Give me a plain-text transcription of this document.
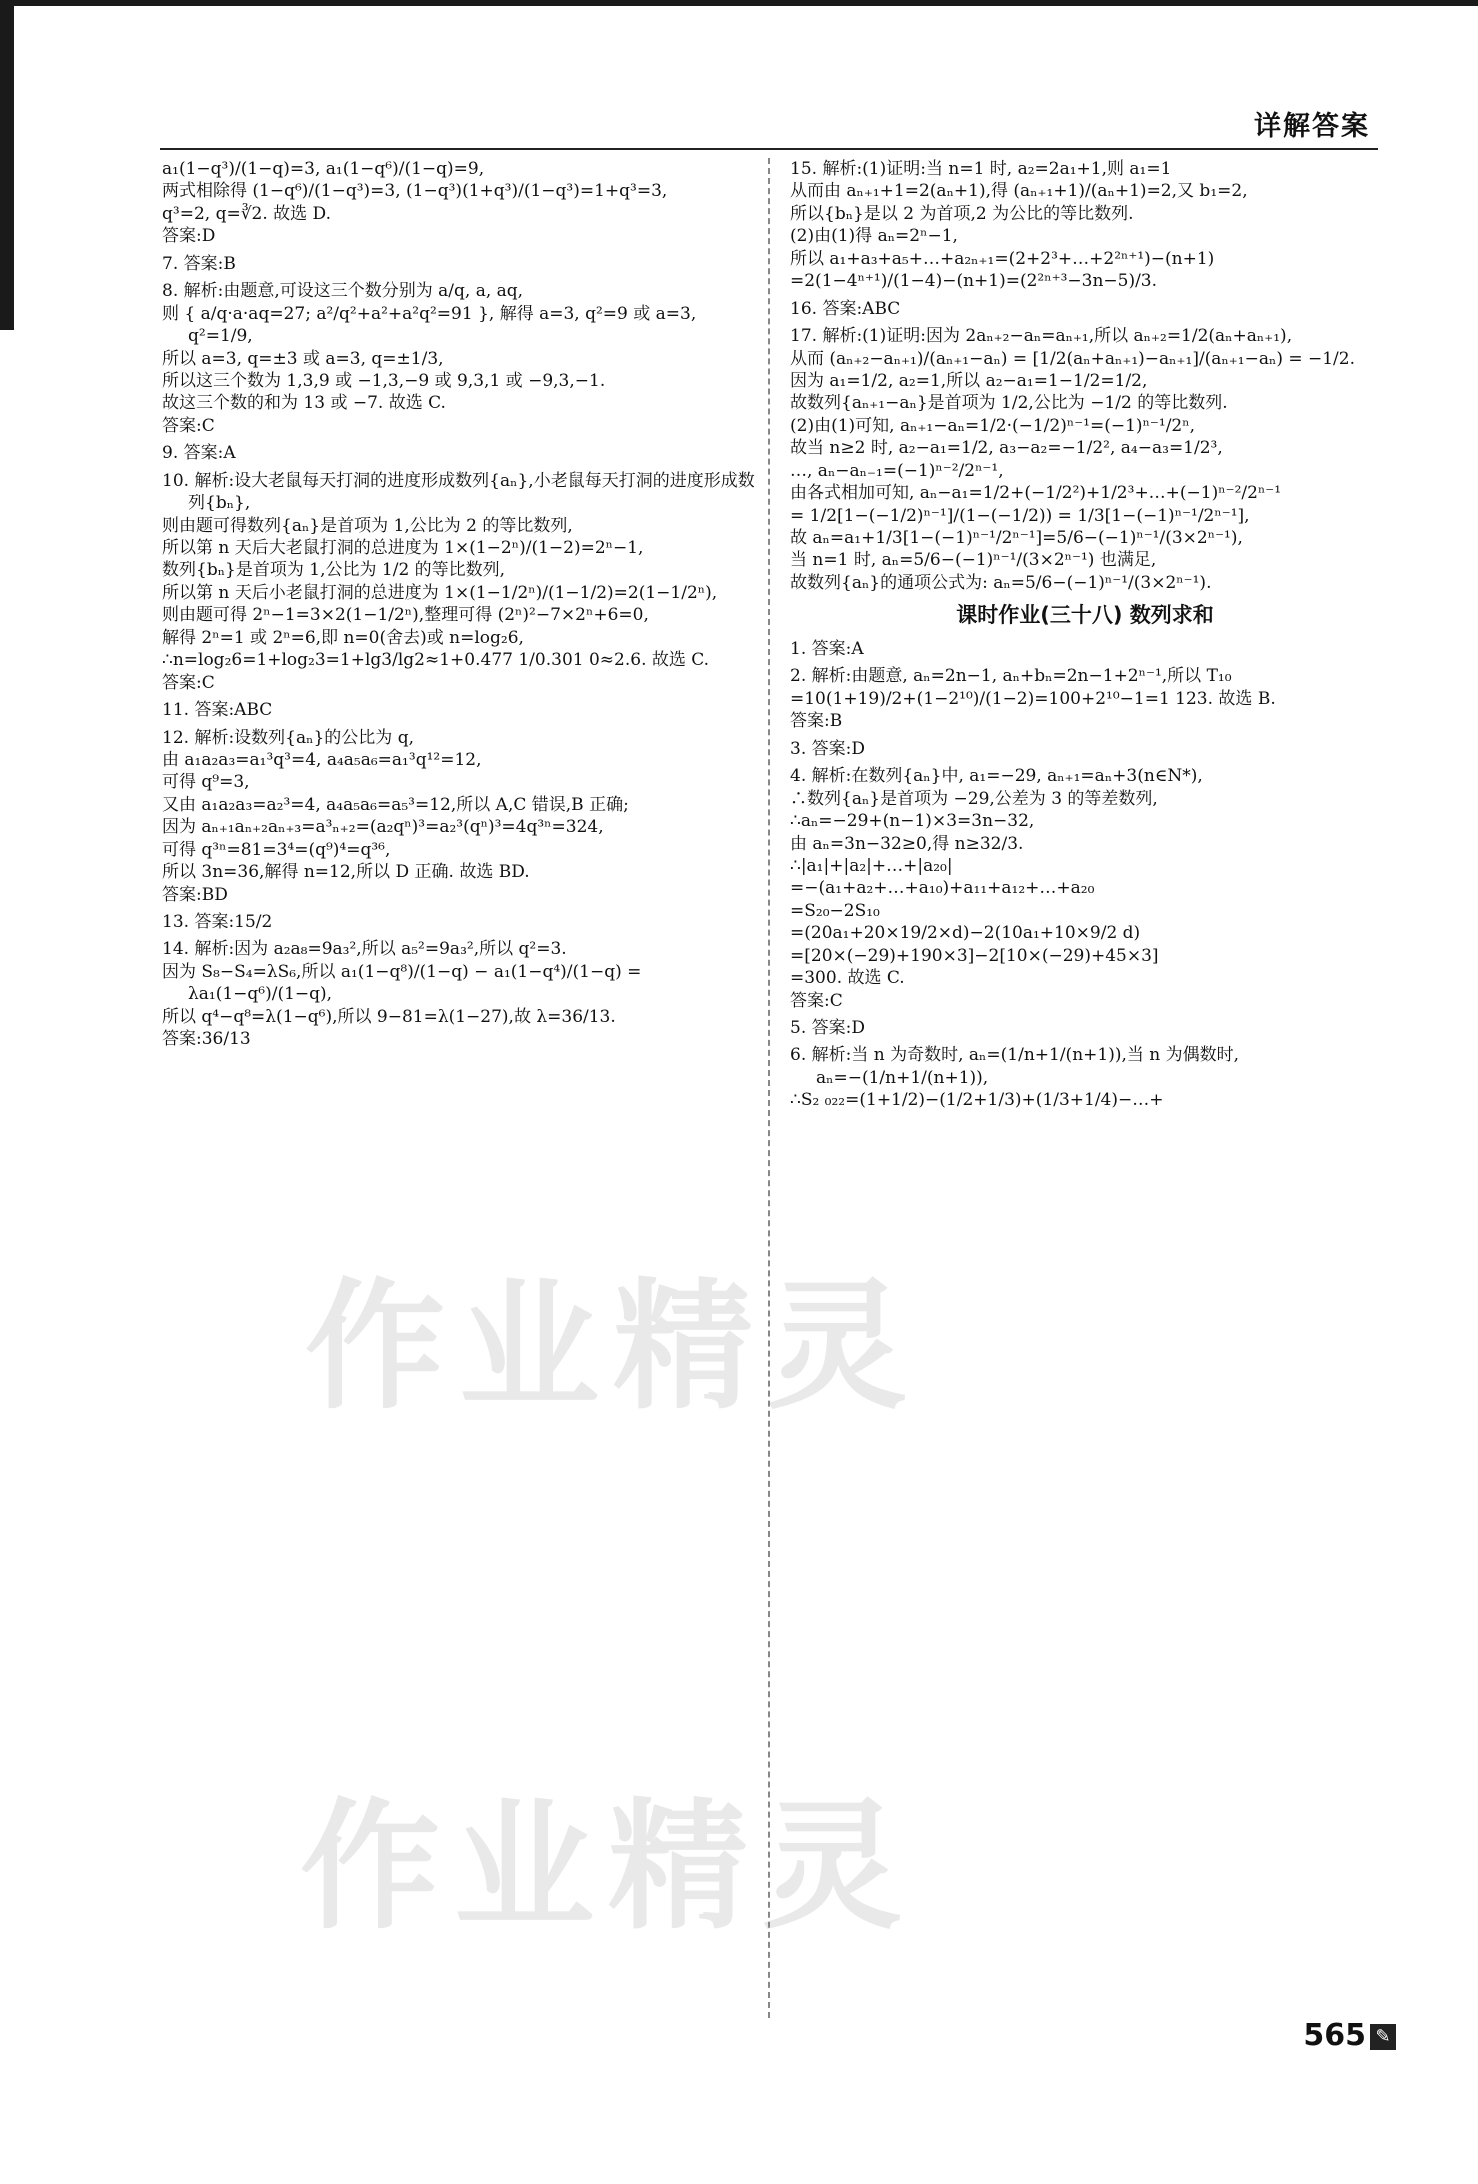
详解答案

a₁(1−q³)/(1−q)=3, a₁(1−q⁶)/(1−q)=9,

两式相除得 (1−q⁶)/(1−q³)=3, (1−q³)(1+q³)/(1−q³)=1+q³=3,

q³=2, q=∛2. 故选 D.

答案:D

7. 答案:B

8. 解析:由题意,可设这三个数分别为 a/q, a, aq,

则 { a/q·a·aq=27; a²/q²+a²+a²q²=91 }, 解得 a=3, q²=9 或 a=3, q²=1/9,

所以 a=3, q=±3 或 a=3, q=±1/3,

所以这三个数为 1,3,9 或 −1,3,−9 或 9,3,1 或 −9,3,−1.

故这三个数的和为 13 或 −7. 故选 C.

答案:C

9. 答案:A

10. 解析:设大老鼠每天打洞的进度形成数列{aₙ},小老鼠每天打洞的进度形成数列{bₙ},

则由题可得数列{aₙ}是首项为 1,公比为 2 的等比数列,

所以第 n 天后大老鼠打洞的总进度为 1×(1−2ⁿ)/(1−2)=2ⁿ−1,

数列{bₙ}是首项为 1,公比为 1/2 的等比数列,

所以第 n 天后小老鼠打洞的总进度为 1×(1−1/2ⁿ)/(1−1/2)=2(1−1/2ⁿ),

则由题可得 2ⁿ−1=3×2(1−1/2ⁿ),整理可得 (2ⁿ)²−7×2ⁿ+6=0,

解得 2ⁿ=1 或 2ⁿ=6,即 n=0(舍去)或 n=log₂6,

∴n=log₂6=1+log₂3=1+lg3/lg2≈1+0.477 1/0.301 0≈2.6. 故选 C.

答案:C

11. 答案:ABC

12. 解析:设数列{aₙ}的公比为 q,

由 a₁a₂a₃=a₁³q³=4, a₄a₅a₆=a₁³q¹²=12,

可得 q⁹=3,

又由 a₁a₂a₃=a₂³=4, a₄a₅a₆=a₅³=12,所以 A,C 错误,B 正确;

因为 aₙ₊₁aₙ₊₂aₙ₊₃=a³ₙ₊₂=(a₂qⁿ)³=a₂³(qⁿ)³=4q³ⁿ=324,

可得 q³ⁿ=81=3⁴=(q⁹)⁴=q³⁶,

所以 3n=36,解得 n=12,所以 D 正确. 故选 BD.

答案:BD

13. 答案:15/2

14. 解析:因为 a₂a₈=9a₃²,所以 a₅²=9a₃²,所以 q²=3.

因为 S₈−S₄=λS₆,所以 a₁(1−q⁸)/(1−q) − a₁(1−q⁴)/(1−q) = λa₁(1−q⁶)/(1−q),

所以 q⁴−q⁸=λ(1−q⁶),所以 9−81=λ(1−27),故 λ=36/13.

答案:36/13

15. 解析:(1)证明:当 n=1 时, a₂=2a₁+1,则 a₁=1

从而由 aₙ₊₁+1=2(aₙ+1),得 (aₙ₊₁+1)/(aₙ+1)=2,又 b₁=2,

所以{bₙ}是以 2 为首项,2 为公比的等比数列.

(2)由(1)得 aₙ=2ⁿ−1,

所以 a₁+a₃+a₅+…+a₂ₙ₊₁=(2+2³+…+2²ⁿ⁺¹)−(n+1)

=2(1−4ⁿ⁺¹)/(1−4)−(n+1)=(2²ⁿ⁺³−3n−5)/3.

16. 答案:ABC

17. 解析:(1)证明:因为 2aₙ₊₂−aₙ=aₙ₊₁,所以 aₙ₊₂=1/2(aₙ+aₙ₊₁),

从而 (aₙ₊₂−aₙ₊₁)/(aₙ₊₁−aₙ) = [1/2(aₙ+aₙ₊₁)−aₙ₊₁]/(aₙ₊₁−aₙ) = −1/2.

因为 a₁=1/2, a₂=1,所以 a₂−a₁=1−1/2=1/2,

故数列{aₙ₊₁−aₙ}是首项为 1/2,公比为 −1/2 的等比数列.

(2)由(1)可知, aₙ₊₁−aₙ=1/2·(−1/2)ⁿ⁻¹=(−1)ⁿ⁻¹/2ⁿ,

故当 n≥2 时, a₂−a₁=1/2, a₃−a₂=−1/2², a₄−a₃=1/2³,

…, aₙ−aₙ₋₁=(−1)ⁿ⁻²/2ⁿ⁻¹,

由各式相加可知, aₙ−a₁=1/2+(−1/2²)+1/2³+…+(−1)ⁿ⁻²/2ⁿ⁻¹

= 1/2[1−(−1/2)ⁿ⁻¹]/(1−(−1/2)) = 1/3[1−(−1)ⁿ⁻¹/2ⁿ⁻¹],

故 aₙ=a₁+1/3[1−(−1)ⁿ⁻¹/2ⁿ⁻¹]=5/6−(−1)ⁿ⁻¹/(3×2ⁿ⁻¹),

当 n=1 时, aₙ=5/6−(−1)ⁿ⁻¹/(3×2ⁿ⁻¹) 也满足,

故数列{aₙ}的通项公式为: aₙ=5/6−(−1)ⁿ⁻¹/(3×2ⁿ⁻¹).

课时作业(三十八) 数列求和

1. 答案:A

2. 解析:由题意, aₙ=2n−1, aₙ+bₙ=2n−1+2ⁿ⁻¹,所以 T₁₀

=10(1+19)/2+(1−2¹⁰)/(1−2)=100+2¹⁰−1=1 123. 故选 B.

答案:B

3. 答案:D

4. 解析:在数列{aₙ}中, a₁=−29, aₙ₊₁=aₙ+3(n∈N*),

∴数列{aₙ}是首项为 −29,公差为 3 的等差数列,

∴aₙ=−29+(n−1)×3=3n−32,

由 aₙ=3n−32≥0,得 n≥32/3.

∴|a₁|+|a₂|+…+|a₂₀|

=−(a₁+a₂+…+a₁₀)+a₁₁+a₁₂+…+a₂₀

=S₂₀−2S₁₀

=(20a₁+20×19/2×d)−2(10a₁+10×9/2 d)

=[20×(−29)+190×3]−2[10×(−29)+45×3]

=300. 故选 C.

答案:C

5. 答案:D

6. 解析:当 n 为奇数时, aₙ=(1/n+1/(n+1)),当 n 为偶数时, aₙ=−(1/n+1/(n+1)),

∴S₂ ₀₂₂=(1+1/2)−(1/2+1/3)+(1/3+1/4)−…+

565 ✎
作业精灵
作业精灵
